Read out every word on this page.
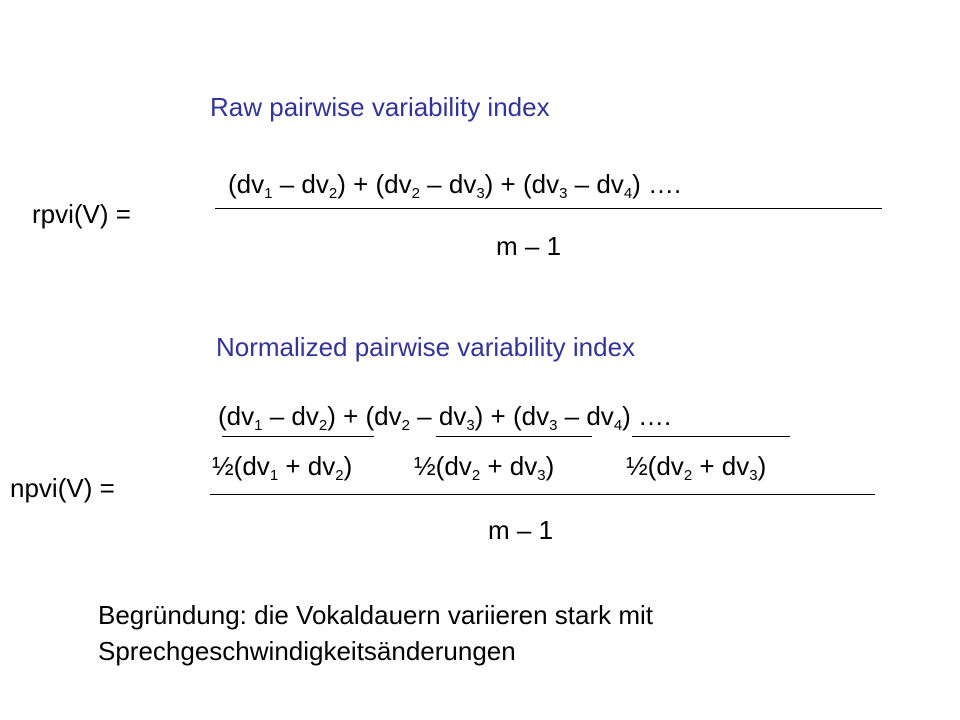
Raw pairwise variability index
$(dv_1 - dv_2) + (dv_2 - dv_3) + (dv_3 - dv_4)$ ….
rpvi(V) =
m – 1
Normalized pairwise variability index
$(dv_1 - dv_2) + (dv_2 - dv_3) + (dv_3 - dv_4)$ ….
$\frac{1}{2}(dv_1 + dv_2)$ $\frac{1}{2}(dv_2 + dv_3)$	$\frac{1}{2}(dv_2 + dv_3)$
npvi(V) =
m – 1
Begründung: die Vokaldauern variieren stark mit
Sprechgeschwindigkeitsänderungen
